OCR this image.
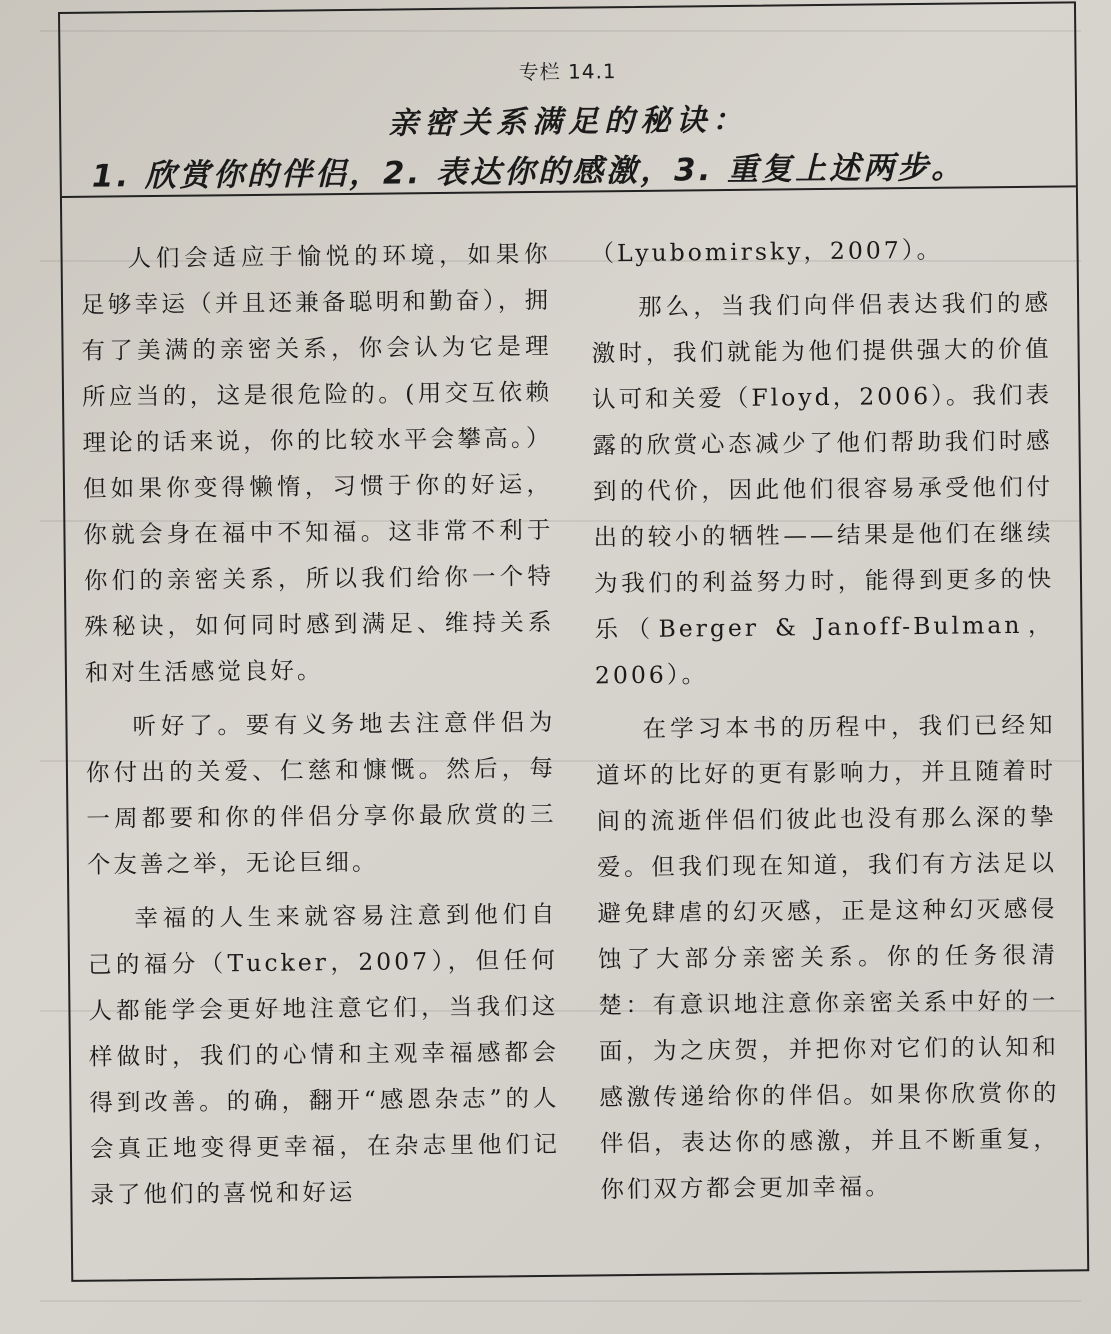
专栏 14.1
亲密关系满足的秘诀：
1. 欣赏你的伴侣，2. 表达你的感激，3. 重复上述两步。

人们会适应于愉悦的环境，如果你足够幸运（并且还兼备聪明和勤奋），拥有了美满的亲密关系，你会认为它是理所应当的，这是很危险的。(用交互依赖理论的话来说，你的比较水平会攀高。）但如果你变得懒惰，习惯于你的好运，你就会身在福中不知福。这非常不利于你们的亲密关系，所以我们给你一个特殊秘诀，如何同时感到满足、维持关系和对生活感觉良好。

听好了。要有义务地去注意伴侣为你付出的关爱、仁慈和慷慨。然后，每一周都要和你的伴侣分享你最欣赏的三个友善之举，无论巨细。

幸福的人生来就容易注意到他们自己的福分（Tucker，2007），但任何人都能学会更好地注意它们，当我们这样做时，我们的心情和主观幸福感都会得到改善。的确，翻开“感恩杂志”的人会真正地变得更幸福，在杂志里他们记录了他们的喜悦和好运

（Lyubomirsky，2007）。

那么，当我们向伴侣表达我们的感激时，我们就能为他们提供强大的价值认可和关爱（Floyd，2006）。我们表露的欣赏心态减少了他们帮助我们时感到的代价，因此他们很容易承受他们付出的较小的牺牲——结果是他们在继续为我们的利益努力时，能得到更多的快乐（Berger & Janoff-Bulman，2006）。

在学习本书的历程中，我们已经知道坏的比好的更有影响力，并且随着时间的流逝伴侣们彼此也没有那么深的挚爱。但我们现在知道，我们有方法足以避免肆虐的幻灭感，正是这种幻灭感侵蚀了大部分亲密关系。你的任务很清楚：有意识地注意你亲密关系中好的一面，为之庆贺，并把你对它们的认知和感激传递给你的伴侣。如果你欣赏你的伴侣，表达你的感激，并且不断重复，你们双方都会更加幸福。
